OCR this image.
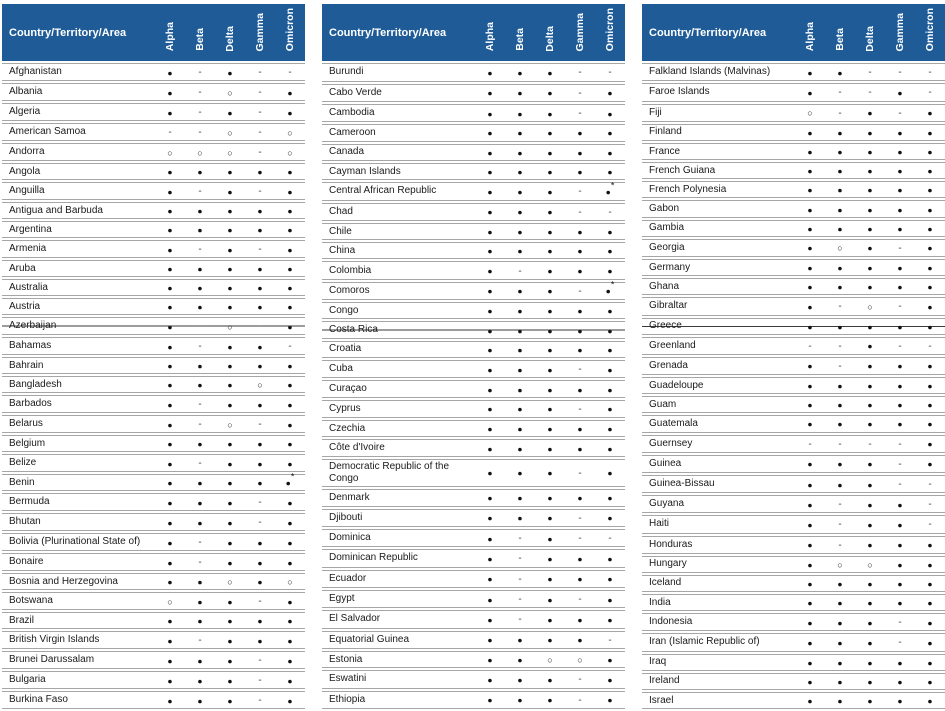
Country/Territory/Area	Alpha	Beta	Delta	Gamma	Omicron
Afghanistan	●	-	●	-	-
Albania	●	-	○	-	●
Algeria	●	-	●	-	●
American Samoa	-	-	○	-	○
Andorra	○	○	○	-	○
Angola	●	●	●	●	●
Anguilla	●	-	●	-	●
Antigua and Barbuda	●	●	●	●	●
Argentina	●	●	●	●	●
Armenia	●	-	●	-	●
Aruba	●	●	●	●	●
Australia	●	●	●	●	●
Austria	●	●	●	●	●
Azerbaijan	●	-	○	-	●
Bahamas	●	-	●	●	-
Bahrain	●	●	●	●	●
Bangladesh	●	●	●	○	●
Barbados	●	-	●	●	●
Belarus	●	-	○	-	●
Belgium	●	●	●	●	●
Belize	●	-	●	●	●
Benin	●	●	●	●	●*
Bermuda	●	●	●	-	●
Bhutan	●	●	●	-	●
Bolivia (Plurinational State of)	●	-	●	●	●
Bonaire	●	-	●	●	●
Bosnia and Herzegovina	●	●	○	●	○
Botswana	○	●	●	-	●
Brazil	●	●	●	●	●
British Virgin Islands	●	-	●	●	●
Brunei Darussalam	●	●	●	-	●
Bulgaria	●	●	●	-	●
Burkina Faso	●	●	●	-	●
Country/Territory/Area	Alpha	Beta	Delta	Gamma	Omicron
Burundi	●	●	●	-	-
Cabo Verde	●	●	●	-	●
Cambodia	●	●	●	-	●
Cameroon	●	●	●	●	●
Canada	●	●	●	●	●
Cayman Islands	●	●	●	●	●
Central African Republic	●	●	●	-	●*
Chad	●	●	●	-	-
Chile	●	●	●	●	●
China	●	●	●	●	●
Colombia	●	-	●	●	●
Comoros	●	●	●	-	●*
Congo	●	●	●	●	●
Costa Rica	●	●	●	●	●
Croatia	●	●	●	●	●
Cuba	●	●	●	-	●
Curaçao	●	●	●	●	●
Cyprus	●	●	●	-	●
Czechia	●	●	●	●	●
Côte d'Ivoire	●	●	●	●	●
Democratic Republic of the Congo	●	●	●	-	●
Denmark	●	●	●	●	●
Djibouti	●	●	●	-	●
Dominica	●	-	●	-	-
Dominican Republic	●	-	●	●	●
Ecuador	●	-	●	●	●
Egypt	●	-	●	-	●
El Salvador	●	-	●	●	●
Equatorial Guinea	●	●	●	●	-
Estonia	●	●	○	○	●
Eswatini	●	●	●	-	●
Ethiopia	●	●	●	-	●
Country/Territory/Area	Alpha	Beta	Delta	Gamma	Omicron
Falkland Islands (Malvinas)	●	●	-	-	-
Faroe Islands	●	-	-	●	-
Fiji	○	-	●	-	●
Finland	●	●	●	●	●
France	●	●	●	●	●
French Guiana	●	●	●	●	●
French Polynesia	●	●	●	●	●
Gabon	●	●	●	●	●
Gambia	●	●	●	●	●
Georgia	●	○	●	-	●
Germany	●	●	●	●	●
Ghana	●	●	●	●	●
Gibraltar	●	-	○	-	●
Greece	●	●	●	●	●
Greenland	-	-	●	-	-
Grenada	●	-	●	●	●
Guadeloupe	●	●	●	●	●
Guam	●	●	●	●	●
Guatemala	●	●	●	●	●
Guernsey	-	-	-	-	●
Guinea	●	●	●	-	●
Guinea-Bissau	●	●	●	-	-
Guyana	●	-	●	●	-
Haiti	●	-	●	●	-
Honduras	●	-	●	●	●
Hungary	●	○	○	●	●
Iceland	●	●	●	●	●
India	●	●	●	●	●
Indonesia	●	●	●	-	●
Iran (Islamic Republic of)	●	●	●	-	●
Iraq	●	●	●	●	●
Ireland	●	●	●	●	●
Israel	●	●	●	●	●
